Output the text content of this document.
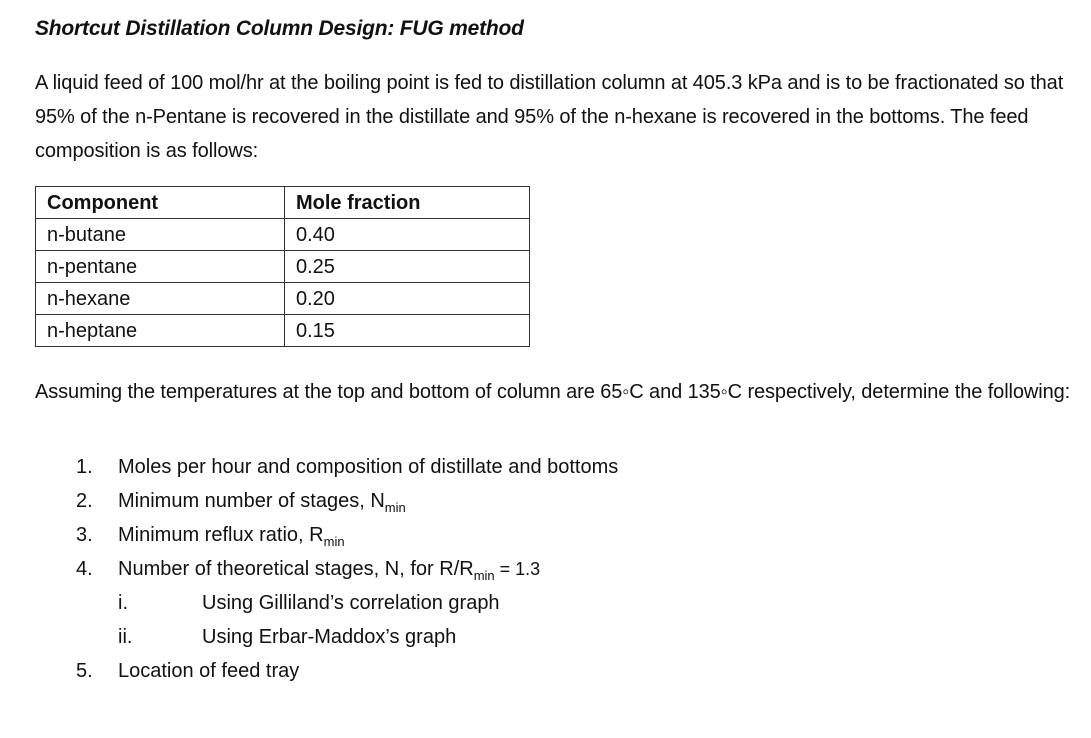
Shortcut Distillation Column Design: FUG method

A liquid feed of 100 mol/hr at the boiling point is fed to distillation column at 405.3 kPa and is to be fractionated so that 95% of the n-Pentane is recovered in the distillate and 95% of the n-hexane is recovered in the bottoms. The feed composition is as follows:

Component	Mole fraction
n-butane	0.40
n-pentane	0.25
n-hexane	0.20
n-heptane	0.15

Assuming the temperatures at the top and bottom of column are 65◦C and 135◦C respectively, determine the following:

1. Moles per hour and composition of distillate and bottoms
2. Minimum number of stages, $N_{min}$
3. Minimum reflux ratio, $R_{min}$
4. Number of theoretical stages, N, for $R/R_{min} = 1.3$
i.	Using Gilliland’s correlation graph
ii.	Using Erbar-Maddox’s graph
5. Location of feed tray
